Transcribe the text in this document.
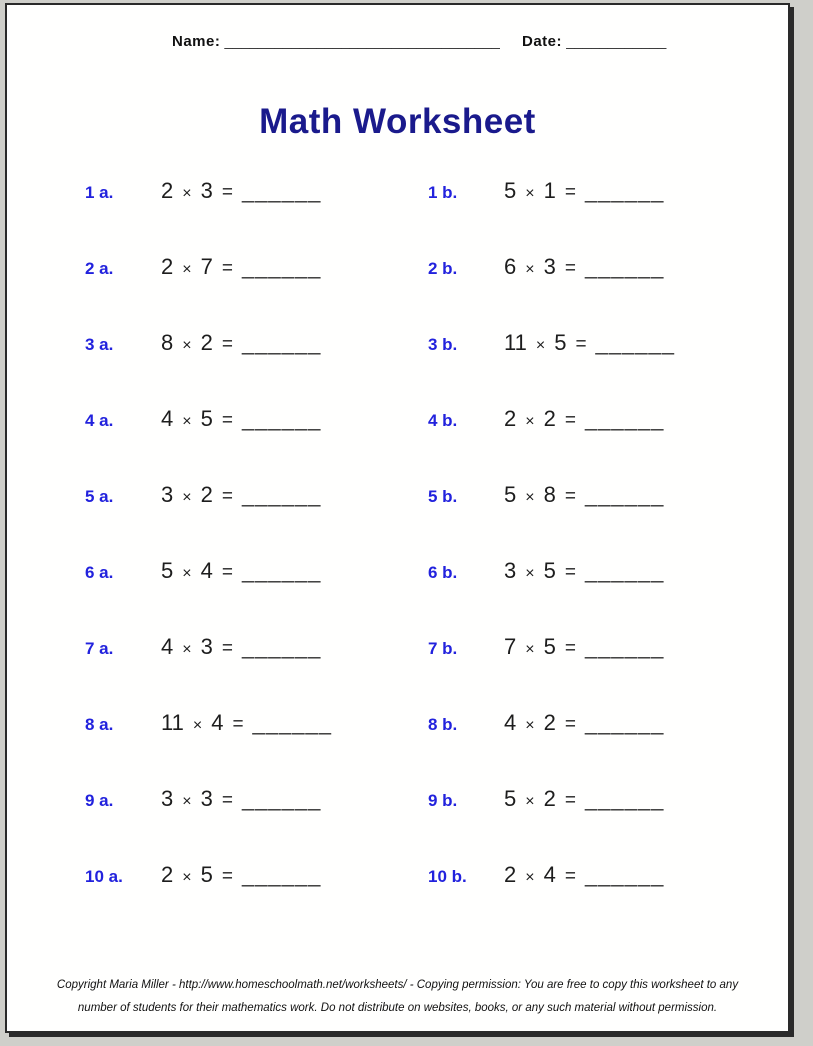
Name: _________________________________ Date: ____________
Math Worksheet
1 a.	2 × 3 = ______	1 b.	5 × 1 = ______
2 a.	2 × 7 = ______	2 b.	6 × 3 = ______
3 a.	8 × 2 = ______	3 b.	11 × 5 = ______
4 a.	4 × 5 = ______	4 b.	2 × 2 = ______
5 a.	3 × 2 = ______	5 b.	5 × 8 = ______
6 a.	5 × 4 = ______	6 b.	3 × 5 = ______
7 a.	4 × 3 = ______	7 b.	7 × 5 = ______
8 a.	11 × 4 = ______	8 b.	4 × 2 = ______
9 a.	3 × 3 = ______	9 b.	5 × 2 = ______
10 a.	2 × 5 = ______	10 b.	2 × 4 = ______
Copyright Maria Miller - http://www.homeschoolmath.net/worksheets/ - Copying permission: You are free to copy this worksheet to any
number of students for their mathematics work. Do not distribute on websites, books, or any such material without permission.
